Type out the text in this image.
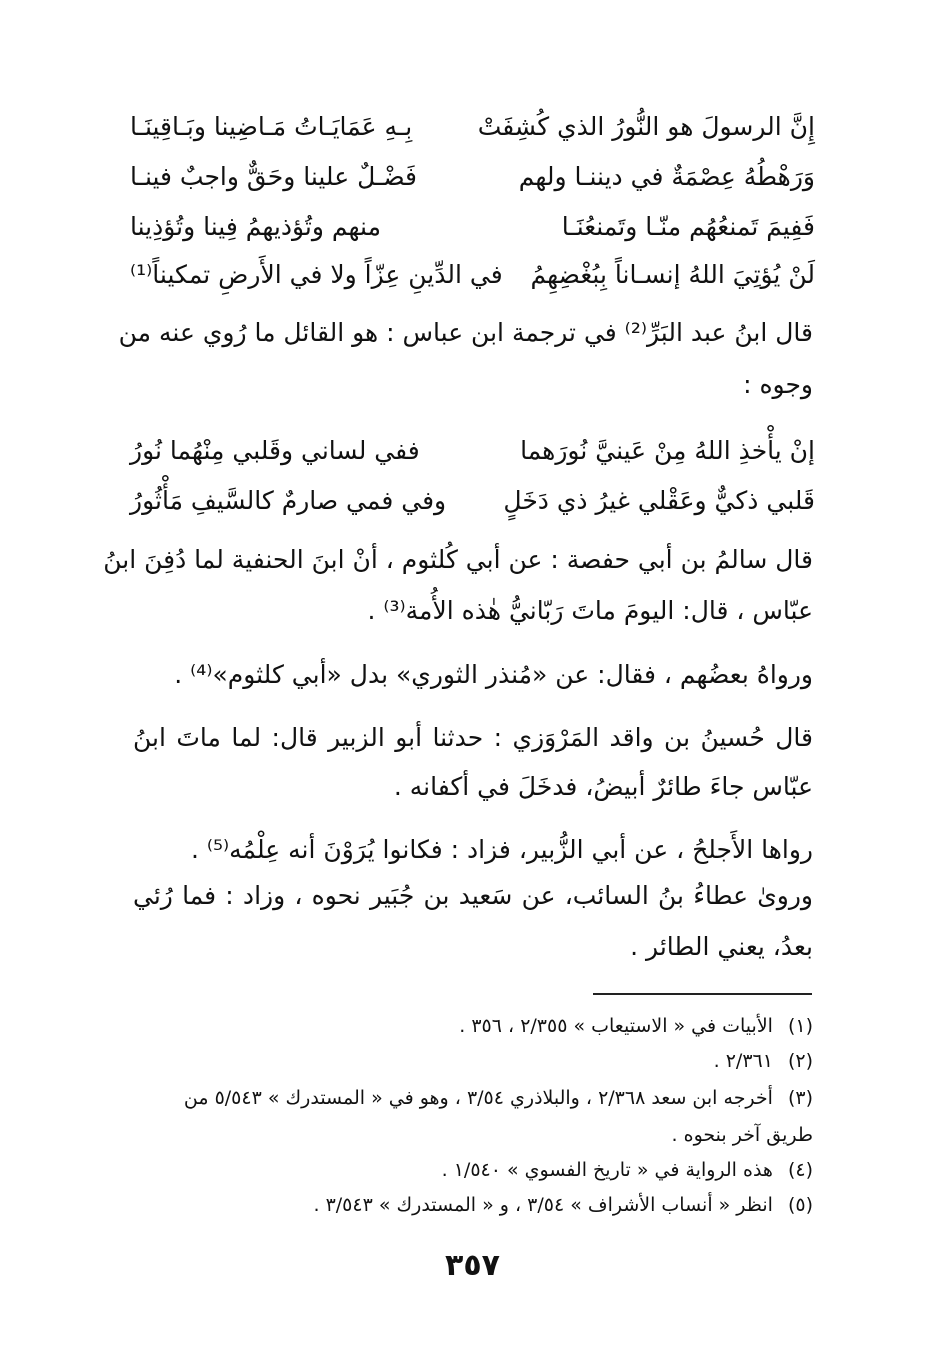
إِنَّ الرسولَ هو النُّورُ الذي كُشِفَتْ
بِـهِ عَمَايَـاتُ مَـاضِينا وبَـاقِينَـا
وَرَهْطُهُ عِصْمَةٌ في ديننـا ولهم
فَضْـلٌ علينا وحَقٌّ واجبٌ فينـا
فَفِيمَ تَمنعُهُم منّـا وتَمنعُنَـا
منهم وتُؤذيهمُ فِينا وتُؤذِينا
لَنْ يُؤتِيَ اللهُ إنسـاناً بِبُغْضِهِمُ
في الدِّينِ عِزّاً ولا في الأَرضِ تمكيناً⁽¹⁾
قال ابنُ عبد البَرِّ⁽²⁾ في ترجمة ابن عباس : هو القائل ما رُوي عنه من
وجوه :
إنْ يأْخذِ اللهُ مِنْ عَينيَّ نُورَهما
ففي لساني وقَلبي مِنْهُما نُورُ
قَلبي ذكيٌّ وعَقْلي غيرُ ذي دَخَلٍ
وفي فمي صارمٌ كالسَّيفِ مَأْثُورُ
قال سالمُ بن أبي حفصة : عن أبي كُلثوم ، أنْ ابنَ الحنفية لما دُفِنَ ابنُ
عبّاس ، قال: اليومَ ماتَ رَبّانيُّ هٰذه الأُمة⁽³⁾ .
ورواهُ بعضُهم ، فقال: عن «مُنذر الثوري» بدل «أبي كلثوم»⁽⁴⁾ .
قال حُسينُ بن واقد المَرْوَزي : حدثنا أبو الزبير قال: لما ماتَ ابنُ
عبّاس جاءَ طائرٌ أبيضُ، فدخَلَ في أكفانه .
رواها الأَجلحُ ، عن أبي الزُّبير، فزاد : فكانوا يُرَوْنَ أنه عِلْمُه⁽⁵⁾ .
وروىٰ عطاءُ بنُ السائب، عن سَعيد بن جُبَير نحوه ، وزاد : فما رُئي
بعدُ، يعني الطائر .
(١) الأبيات في « الاستيعاب » ٢/٣٥٥ ، ٣٥٦ .
(٢) ٢/٣٦١ .
(٣) أخرجه ابن سعد ٢/٣٦٨ ، والبلاذري ٣/٥٤ ، وهو في « المستدرك » ٥/٥٤٣ من
طريق آخر بنحوه .
(٤) هذه الرواية في « تاريخ الفسوي » ١/٥٤٠ .
(٥) انظر « أنساب الأشراف » ٣/٥٤ ، و « المستدرك » ٣/٥٤٣ .
٣٥٧
